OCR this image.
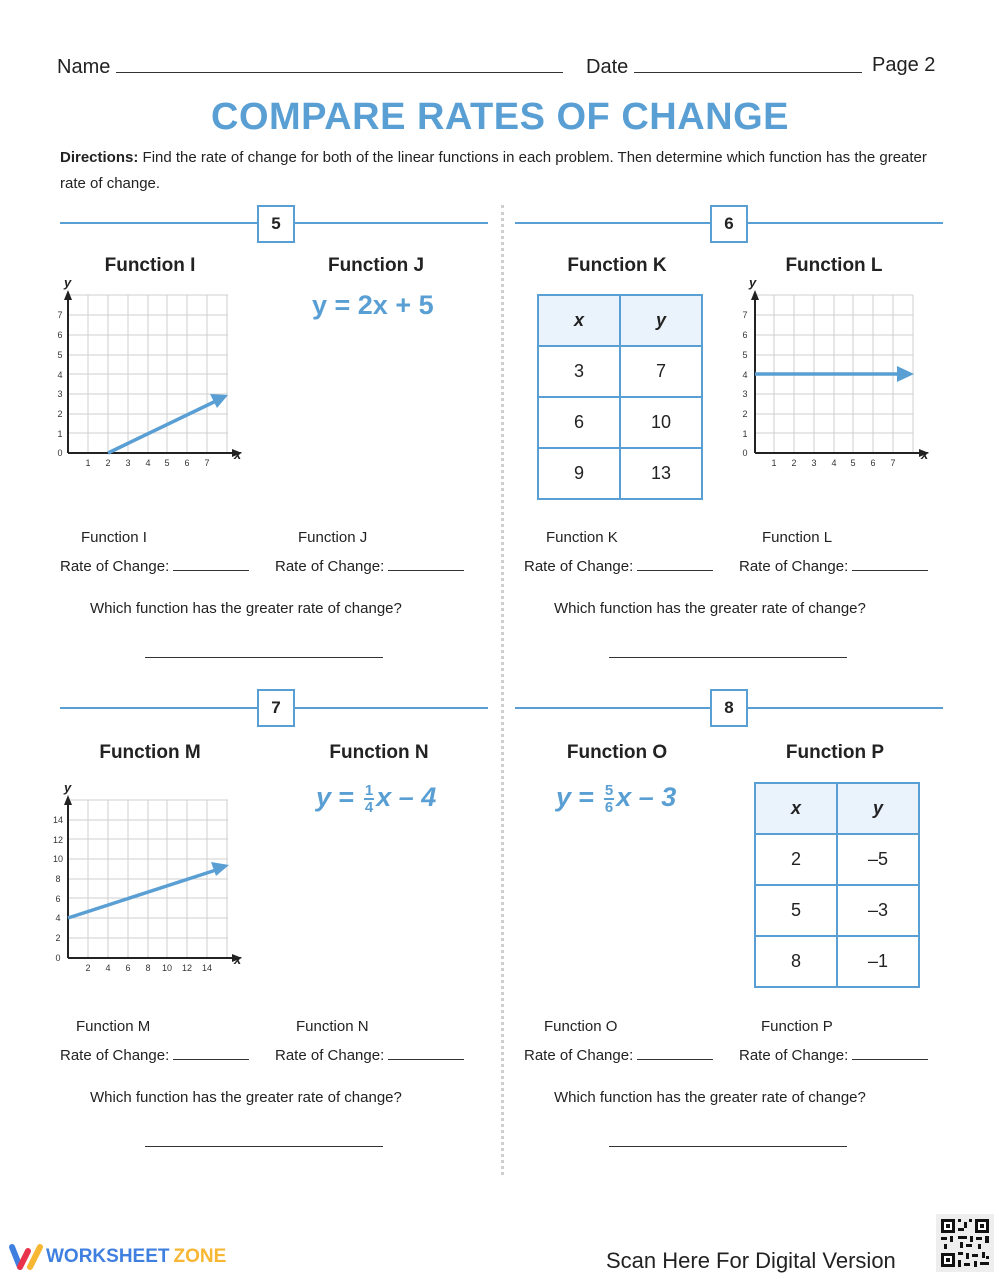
Name	Date	Page 2
COMPARE RATES OF CHANGE
Directions: Find the rate of change for both of the linear functions in each problem. Then determine which function has the greater rate of change.
5
Function I	Function J
y
x
1 2 3 4 5 6 7
0
1
2
3
4
5
6
7	y = 2x + 5
Function I	Function J
Rate of Change:	Rate of Change:
Which function has the greater rate of change?
6
Function K	Function L
x	y
3	7
6	10
9	13
y
x
1 2 3 4 5 6 7
0
1
2
3
4
5
6
7
Function K	Function L
Rate of Change:	Rate of Change:
Which function has the greater rate of change?
7
Function M	Function N
y
x
2 4 6 8 10 12 14
0
2
4
6
8
10
12
14
$y = \frac{1}{4}$ x – 4
Function M	Function N
Rate of Change:	Rate of Change:
Which function has the greater rate of change?
8
Function O	Function P
$y = \frac{5}{6}$ x – 3	x	y
2	–5
5	–3
8	–1
Function O	Function P
Rate of Change:	Rate of Change:
Which function has the greater rate of change?
WORKSHEET ZONE	Scan Here For Digital Version
